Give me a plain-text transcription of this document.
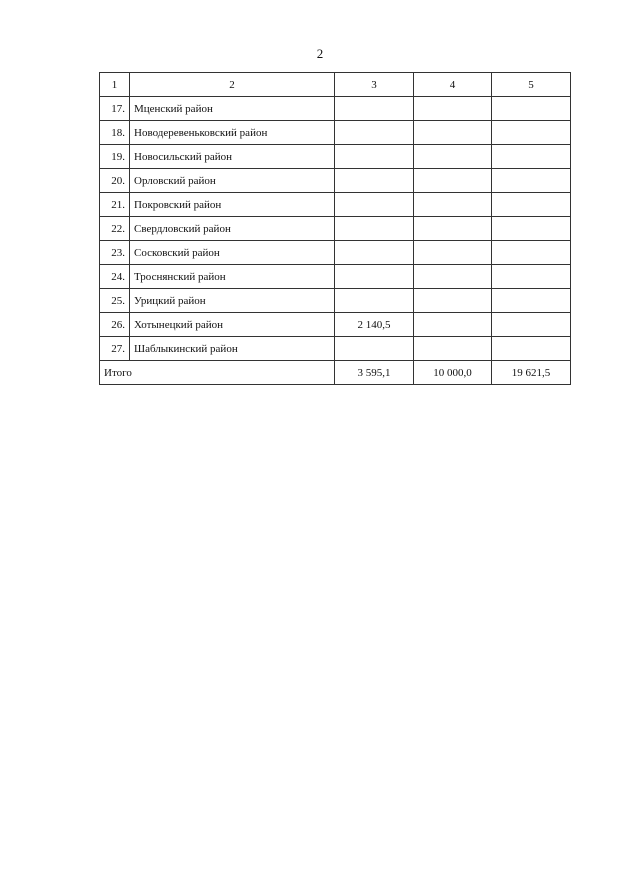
2
1	2	3	4	5
17.	Мценский район			
18.	Новодеревеньковский район			
19.	Новосильский район			
20.	Орловский район			
21.	Покровский район			
22.	Свердловский район			
23.	Сосковский район			
24.	Троснянский район			
25.	Урицкий район			
26.	Хотынецкий район	2 140,5		
27.	Шаблыкинский район			
Итого		3 595,1	10 000,0	19 621,5
